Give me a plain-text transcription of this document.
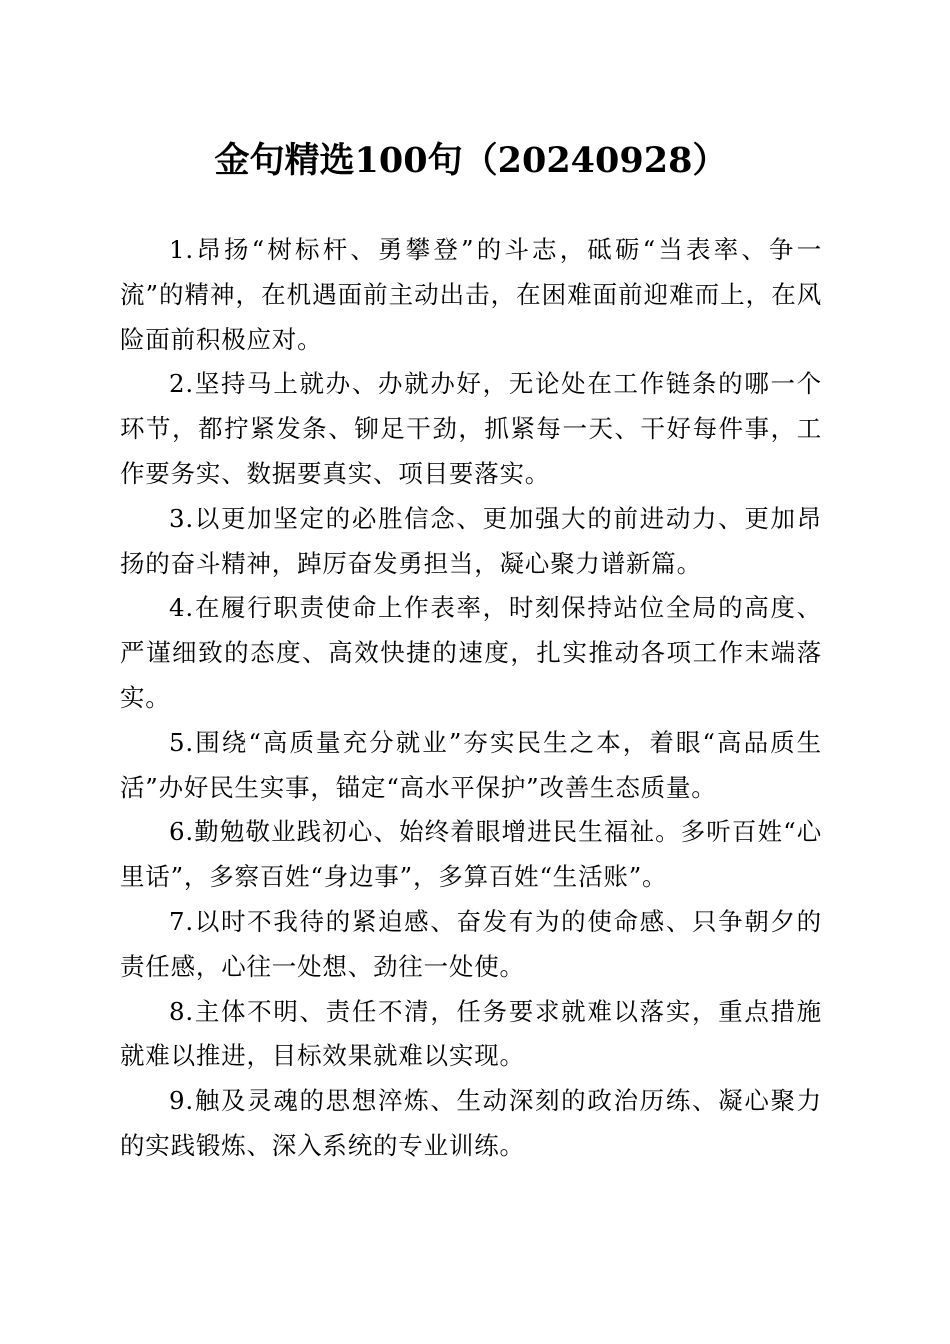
金句精选100句（20240928）

1.昂扬“树标杆、勇攀登”的斗志，砥砺“当表率、争一流”的精神，在机遇面前主动出击，在困难面前迎难而上，在风险面前积极应对。

2.坚持马上就办、办就办好，无论处在工作链条的哪一个环节，都拧紧发条、铆足干劲，抓紧每一天、干好每件事，工作要务实、数据要真实、项目要落实。

3.以更加坚定的必胜信念、更加强大的前进动力、更加昂扬的奋斗精神，踔厉奋发勇担当，凝心聚力谱新篇。

4.在履行职责使命上作表率，时刻保持站位全局的高度、严谨细致的态度、高效快捷的速度，扎实推动各项工作末端落实。

5.围绕“高质量充分就业”夯实民生之本，着眼“高品质生活”办好民生实事，锚定“高水平保护”改善生态质量。

6.勤勉敬业践初心、始终着眼增进民生福祉。多听百姓“心里话”，多察百姓“身边事”，多算百姓“生活账”。

7.以时不我待的紧迫感、奋发有为的使命感、只争朝夕的责任感，心往一处想、劲往一处使。

8.主体不明、责任不清，任务要求就难以落实，重点措施就难以推进，目标效果就难以实现。

9.触及灵魂的思想淬炼、生动深刻的政治历练、凝心聚力的实践锻炼、深入系统的专业训练。
